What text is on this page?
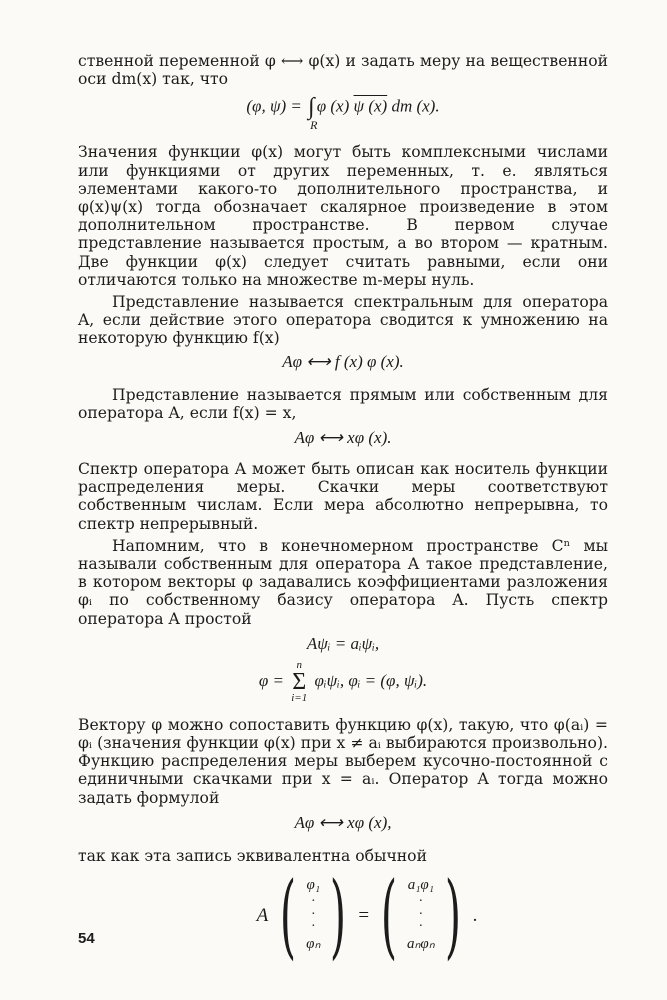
ственной переменной φ ⟷ φ(x) и задать меру на вещественной оси dm(x) так, что

(φ, ψ) = ∫
R
φ (x) ψ (x) dm (x).

Значения функции φ(x) могут быть комплексными числами или функциями от других переменных, т. е. являться элементами какого-то дополнительного пространства, и φ(x)ψ(x) тогда обозначает скалярное произведение в этом дополнительном пространстве. В первом случае представление называется простым, а во втором — кратным. Две функции φ(x) следует считать равными, если они отличаются только на множестве m-меры нуль.

Представление называется спектральным для оператора A, если действие этого оператора сводится к умножению на некоторую функцию f(x)

Aφ ⟷ f (x) φ (x).

Представление называется прямым или собственным для оператора A, если f(x) = x,

Aφ ⟷ xφ (x).

Спектр оператора A может быть описан как носитель функции распределения меры. Скачки меры соответствуют собственным числам. Если мера абсолютно непрерывна, то спектр непрерывный.

Напомним, что в конечномерном пространстве Cⁿ мы называли собственным для оператора A такое представление, в котором векторы φ задавались коэффициентами разложения φᵢ по собственному базису оператора A. Пусть спектр оператора A простой

Aψᵢ = aᵢψᵢ,

φ =
n
Σ
i=1
φᵢψᵢ, φᵢ = (φ, ψᵢ).

Вектору φ можно сопоставить функцию φ(x), такую, что φ(aᵢ) = φᵢ (значения функции φ(x) при x ≠ aᵢ выбираются произвольно). Функцию распределения меры выберем кусочно-постоянной с единичными скачками при x = aᵢ. Оператор A тогда можно задать формулой

Aφ ⟷ xφ (x),

так как эта запись эквивалентна обычной

A ( φ₁
·
·
·
φₙ ) = ( a₁φ₁
·
·
·
aₙφₙ ) .
54
